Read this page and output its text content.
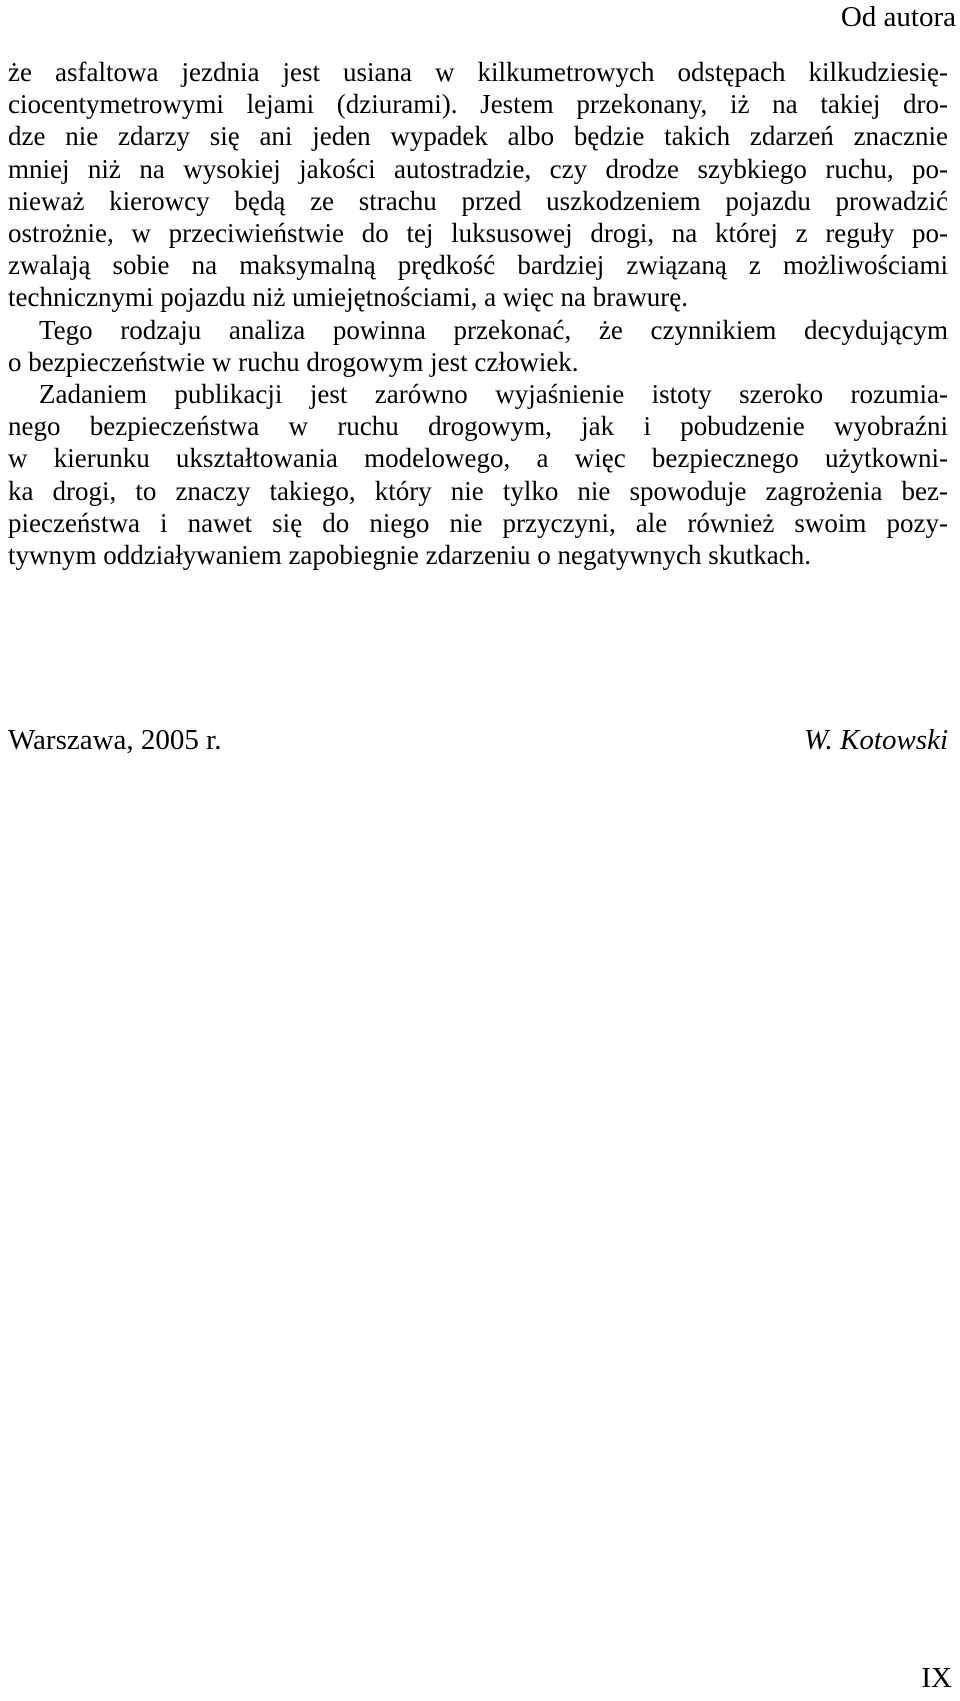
Od autora
że asfaltowa jezdnia jest usiana w kilkumetrowych odstępach kilkudziesię-
ciocentymetrowymi lejami (dziurami). Jestem przekonany, iż na takiej dro-
dze nie zdarzy się ani jeden wypadek albo będzie takich zdarzeń znacznie
mniej niż na wysokiej jakości autostradzie, czy drodze szybkiego ruchu, po-
nieważ kierowcy będą ze strachu przed uszkodzeniem pojazdu prowadzić
ostrożnie, w przeciwieństwie do tej luksusowej drogi, na której z reguły po-
zwalają sobie na maksymalną prędkość bardziej związaną z możliwościami
technicznymi pojazdu niż umiejętnościami, a więc na brawurę.
Tego rodzaju analiza powinna przekonać, że czynnikiem decydującym
o bezpieczeństwie w ruchu drogowym jest człowiek.
Zadaniem publikacji jest zarówno wyjaśnienie istoty szeroko rozumia-
nego bezpieczeństwa w ruchu drogowym, jak i pobudzenie wyobraźni
w kierunku ukształtowania modelowego, a więc bezpiecznego użytkowni-
ka drogi, to znaczy takiego, który nie tylko nie spowoduje zagrożenia bez-
pieczeństwa i nawet się do niego nie przyczyni, ale również swoim pozy-
tywnym oddziaływaniem zapobiegnie zdarzeniu o negatywnych skutkach.
Warszawa, 2005 r.	W. Kotowski
IX
